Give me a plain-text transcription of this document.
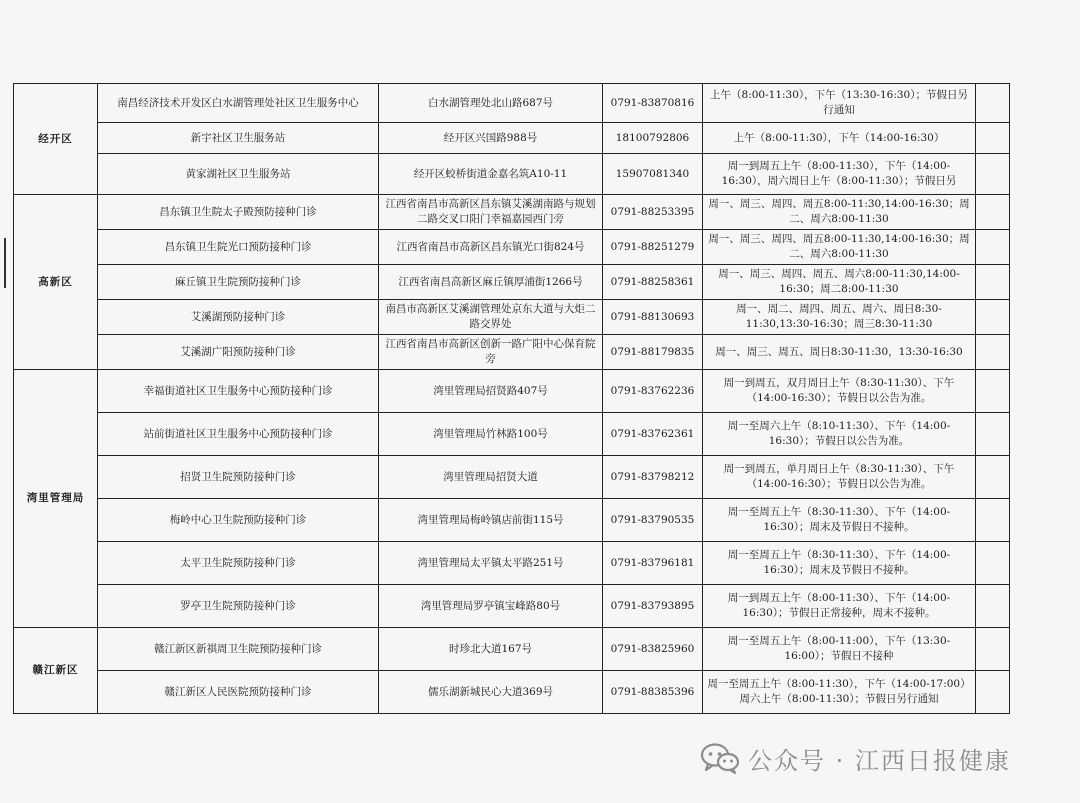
经开区	南昌经济技术开发区白水湖管理处社区卫生服务中心	白水湖管理处北山路687号	0791-83870816	上午（8:00-11:30），下午（13:30-16:30）；节假日另行通知	
	新宇社区卫生服务站	经开区兴国路988号	18100792806	上午（8:00-11:30），下午（14:00-16:30）	
	黄家湖社区卫生服务站	经开区蛟桥街道金嘉名筑A10-11	15907081340	周一到周五上午（8:00-11:30），下午（14:00-16:30），周六周日上午（8:00-11:30）；节假日另	
高新区	昌东镇卫生院太子殿预防接种门诊	江西省南昌市高新区昌东镇艾溪湖南路与规划二路交叉口阳门幸福嘉园西门旁	0791-88253395	周一、周三、周四、周五8:00-11:30,14:00-16:30；周二、周六8:00-11:30	
	昌东镇卫生院光口预防接种门诊	江西省南昌市高新区昌东镇光口街824号	0791-88251279	周一、周三、周四、周五8:00-11:30,14:00-16:30；周二、周六8:00-11:30	
	麻丘镇卫生院预防接种门诊	江西省南昌高新区麻丘镇厚浦街1266号	0791-88258361	周一、周三、周四、周五、周六8:00-11:30,14:00-16:30；周二8:00-11:30	
	艾溪湖预防接种门诊	南昌市高新区艾溪湖管理处京东大道与大炬二路交界处	0791-88130693	周一、周二、周四、周五、周六、周日8:30-11:30,13:30-16:30；周三8:30-11:30	
	艾溪湖广阳预防接种门诊	江西省南昌市高新区创新一路广阳中心保育院旁	0791-88179835	周一、周三、周五、周日8:30-11:30，13:30-16:30	
湾里管理局	幸福街道社区卫生服务中心预防接种门诊	湾里管理局招贤路407号	0791-83762236	周一到周五，双月周日上午（8:30-11:30）、下午（14:00-16:30）；节假日以公告为准。	
	站前街道社区卫生服务中心预防接种门诊	湾里管理局竹林路100号	0791-83762361	周一至周六上午（8:10-11:30）、下午（14:00-16:30）；节假日以公告为准。	
	招贤卫生院预防接种门诊	湾里管理局招贤大道	0791-83798212	周一到周五，单月周日上午（8:30-11:30）、下午（14:00-16:30）；节假日以公告为准。	
	梅岭中心卫生院预防接种门诊	湾里管理局梅岭镇店前街115号	0791-83790535	周一至周五上午（8:30-11:30）、下午（14:00-16:30）；周末及节假日不接种。	
	太平卫生院预防接种门诊	湾里管理局太平镇太平路251号	0791-83796181	周一至周五上午（8:30-11:30）、下午（14:00-16:30）；周末及节假日不接种。	
	罗亭卫生院预防接种门诊	湾里管理局罗亭镇宝峰路80号	0791-83793895	周一到周五上午（8:00-11:30）、下午（14:00-16:30）；节假日正常接种，周末不接种。	
赣江新区	赣江新区新祺周卫生院预防接种门诊	时珍北大道167号	0791-83825960	周一至周五上午（8:00-11:00），下午（13:30-16:00）；节假日不接种	
	赣江新区人民医院预防接种门诊	儒乐湖新城民心大道369号	0791-88385396	周一至周五上午（8:00-11:30），下午（14:00-17:00）周六上午（8:00-11:30）；节假日另行通知	
公众号 · 江西日报健康
